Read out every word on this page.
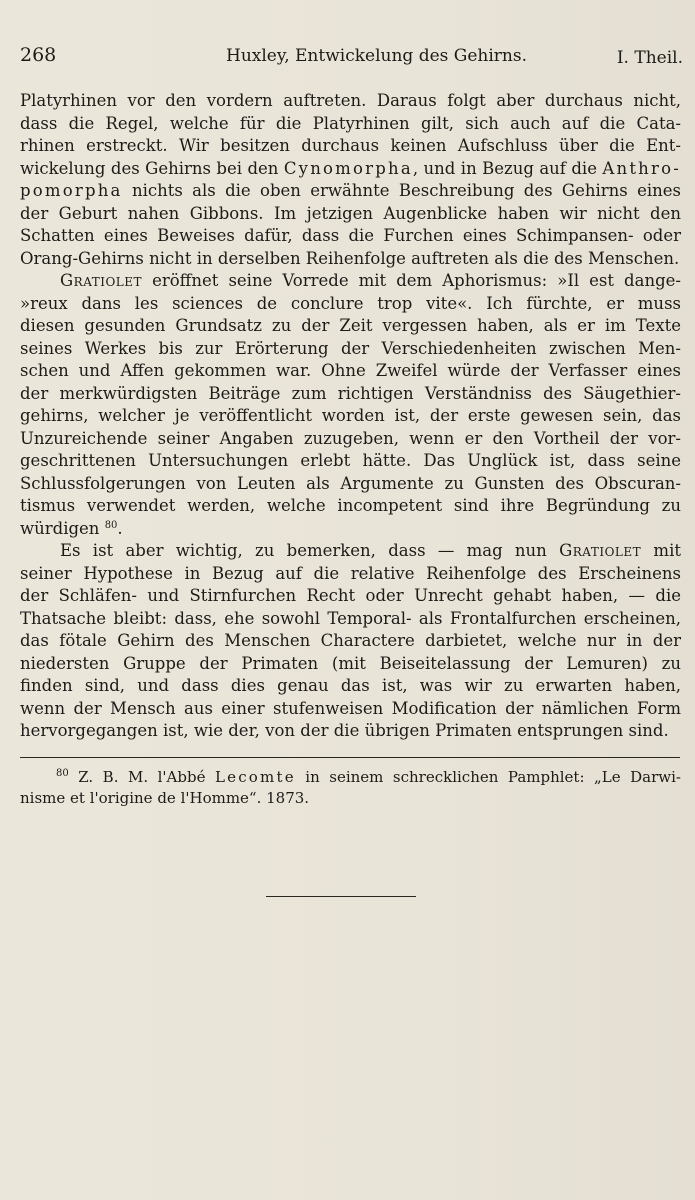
268	Huxley, Entwickelung des Gehirns.	I. Theil.
Platyrhinen vor den vordern auftreten. Daraus folgt aber durchaus nicht,
dass die Regel, welche für die Platyrhinen gilt, sich auch auf die Cata-
rhinen erstreckt. Wir besitzen durchaus keinen Aufschluss über die Ent-
wickelung des Gehirns bei den Cynomorpha, und in Bezug auf die Anthro-
pomorpha nichts als die oben erwähnte Beschreibung des Gehirns eines
der Geburt nahen Gibbons. Im jetzigen Augenblicke haben wir nicht den
Schatten eines Beweises dafür, dass die Furchen eines Schimpansen- oder
Orang-Gehirns nicht in derselben Reihenfolge auftreten als die des Menschen.
Gratiolet eröffnet seine Vorrede mit dem Aphorismus: »Il est dange-
»reux dans les sciences de conclure trop vite«. Ich fürchte, er muss
diesen gesunden Grundsatz zu der Zeit vergessen haben, als er im Texte
seines Werkes bis zur Erörterung der Verschiedenheiten zwischen Men-
schen und Affen gekommen war. Ohne Zweifel würde der Verfasser eines
der merkwürdigsten Beiträge zum richtigen Verständniss des Säugethier-
gehirns, welcher je veröffentlicht worden ist, der erste gewesen sein, das
Unzureichende seiner Angaben zuzugeben, wenn er den Vortheil der vor-
geschrittenen Untersuchungen erlebt hätte. Das Unglück ist, dass seine
Schlussfolgerungen von Leuten als Argumente zu Gunsten des Obscuran-
tismus verwendet werden, welche incompetent sind ihre Begründung zu
würdigen $^{80}$.
Es ist aber wichtig, zu bemerken, dass — mag nun Gratiolet mit
seiner Hypothese in Bezug auf die relative Reihenfolge des Erscheinens
der Schläfen- und Stirnfurchen Recht oder Unrecht gehabt haben, — die
Thatsache bleibt: dass, ehe sowohl Temporal- als Frontalfurchen erscheinen,
das fötale Gehirn des Menschen Charactere darbietet, welche nur in der
niedersten Gruppe der Primaten (mit Beiseitelassung der Lemuren) zu
finden sind, und dass dies genau das ist, was wir zu erwarten haben,
wenn der Mensch aus einer stufenweisen Modification der nämlichen Form
hervorgegangen ist, wie der, von der die übrigen Primaten entsprungen sind.
$^{80}$ Z. B. M. l'Abbé Lecomte in seinem schrecklichen Pamphlet: „Le Darwi-
nisme et l'origine de l'Homme“. 1873.
